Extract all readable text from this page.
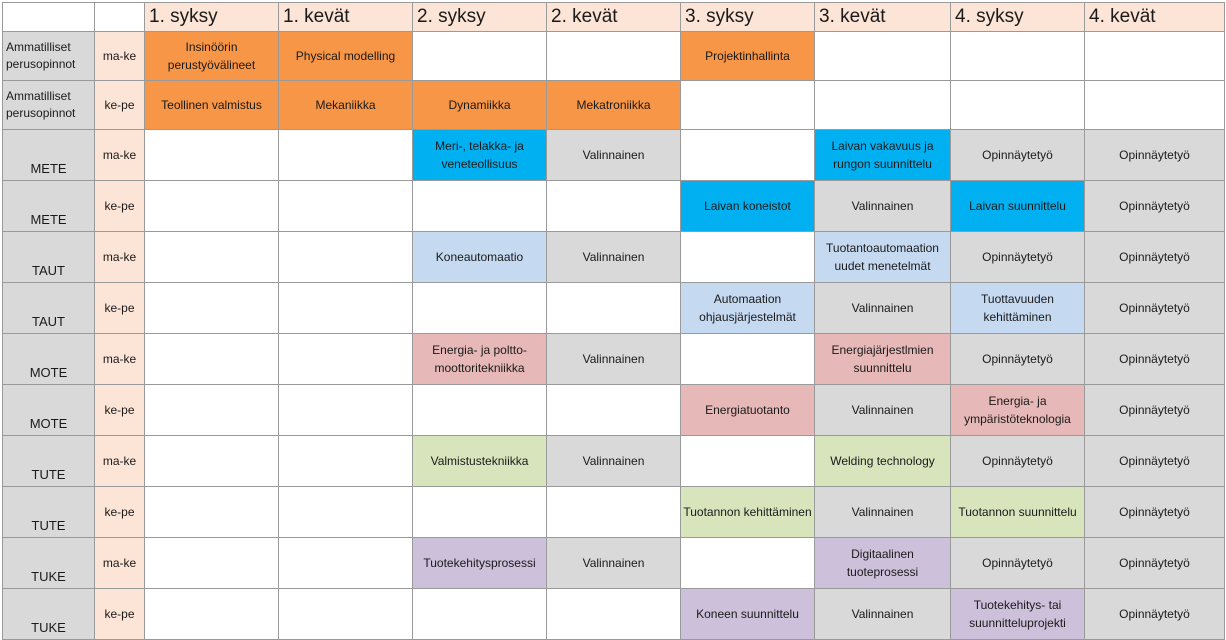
		1. syksy	1. kevät	2. syksy	2. kevät	3. syksy	3. kevät	4. syksy	4. kevät
Ammatilliset perusopinnot	ma-ke	Insinöörin perustyövälineet	Physical modelling			Projektinhallinta			
Ammatilliset perusopinnot	ke-pe	Teollinen valmistus	Mekaniikka	Dynamiikka	Mekatroniikka				
METE	ma-ke			Meri-, telakka- ja veneteollisuus	Valinnainen		Laivan vakavuus ja rungon suunnittelu	Opinnäytetyö	Opinnäytetyö
METE	ke-pe					Laivan koneistot	Valinnainen	Laivan suunnittelu	Opinnäytetyö
TAUT	ma-ke			Koneautomaatio	Valinnainen		Tuotantoautomaation uudet menetelmät	Opinnäytetyö	Opinnäytetyö
TAUT	ke-pe					Automaation ohjausjärjestelmät	Valinnainen	Tuottavuuden kehittäminen	Opinnäytetyö
MOTE	ma-ke			Energia- ja poltto-moottoritekniikka	Valinnainen		Energiajärjestlmien suunnittelu	Opinnäytetyö	Opinnäytetyö
MOTE	ke-pe					Energiatuotanto	Valinnainen	Energia- ja ympäristöteknologia	Opinnäytetyö
TUTE	ma-ke			Valmistustekniikka	Valinnainen		Welding technology	Opinnäytetyö	Opinnäytetyö
TUTE	ke-pe					Tuotannon kehittäminen	Valinnainen	Tuotannon suunnittelu	Opinnäytetyö
TUKE	ma-ke			Tuotekehitysprosessi	Valinnainen		Digitaalinen tuoteprosessi	Opinnäytetyö	Opinnäytetyö
TUKE	ke-pe					Koneen suunnittelu	Valinnainen	Tuotekehitys- tai suunnitteluprojekti	Opinnäytetyö
